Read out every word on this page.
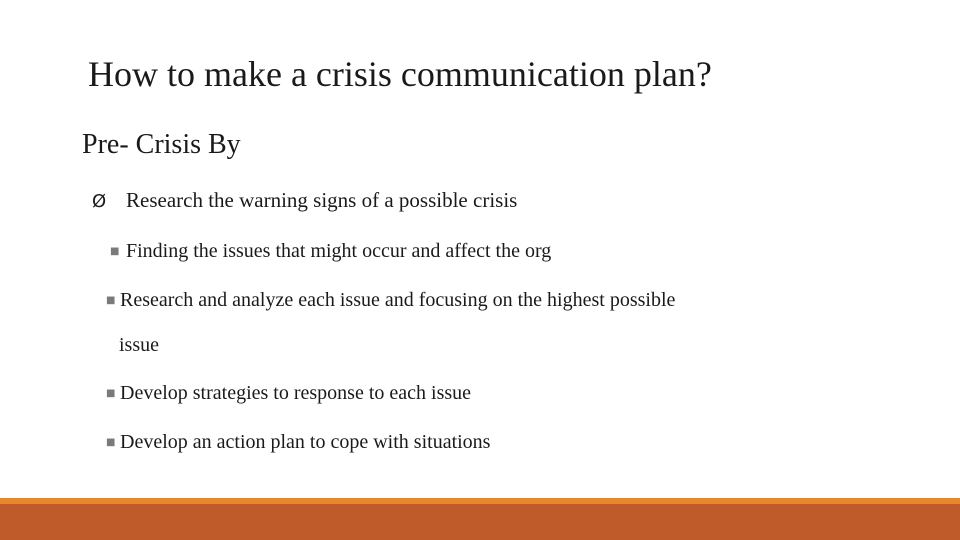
How to make a crisis communication plan?
Pre- Crisis By
Ø Research the warning signs of a possible crisis
■ Finding the issues that might occur and affect the org
■ Research and analyze each issue and focusing on the highest possible
issue
■ Develop strategies to response to each issue
■ Develop an action plan to cope with situations
